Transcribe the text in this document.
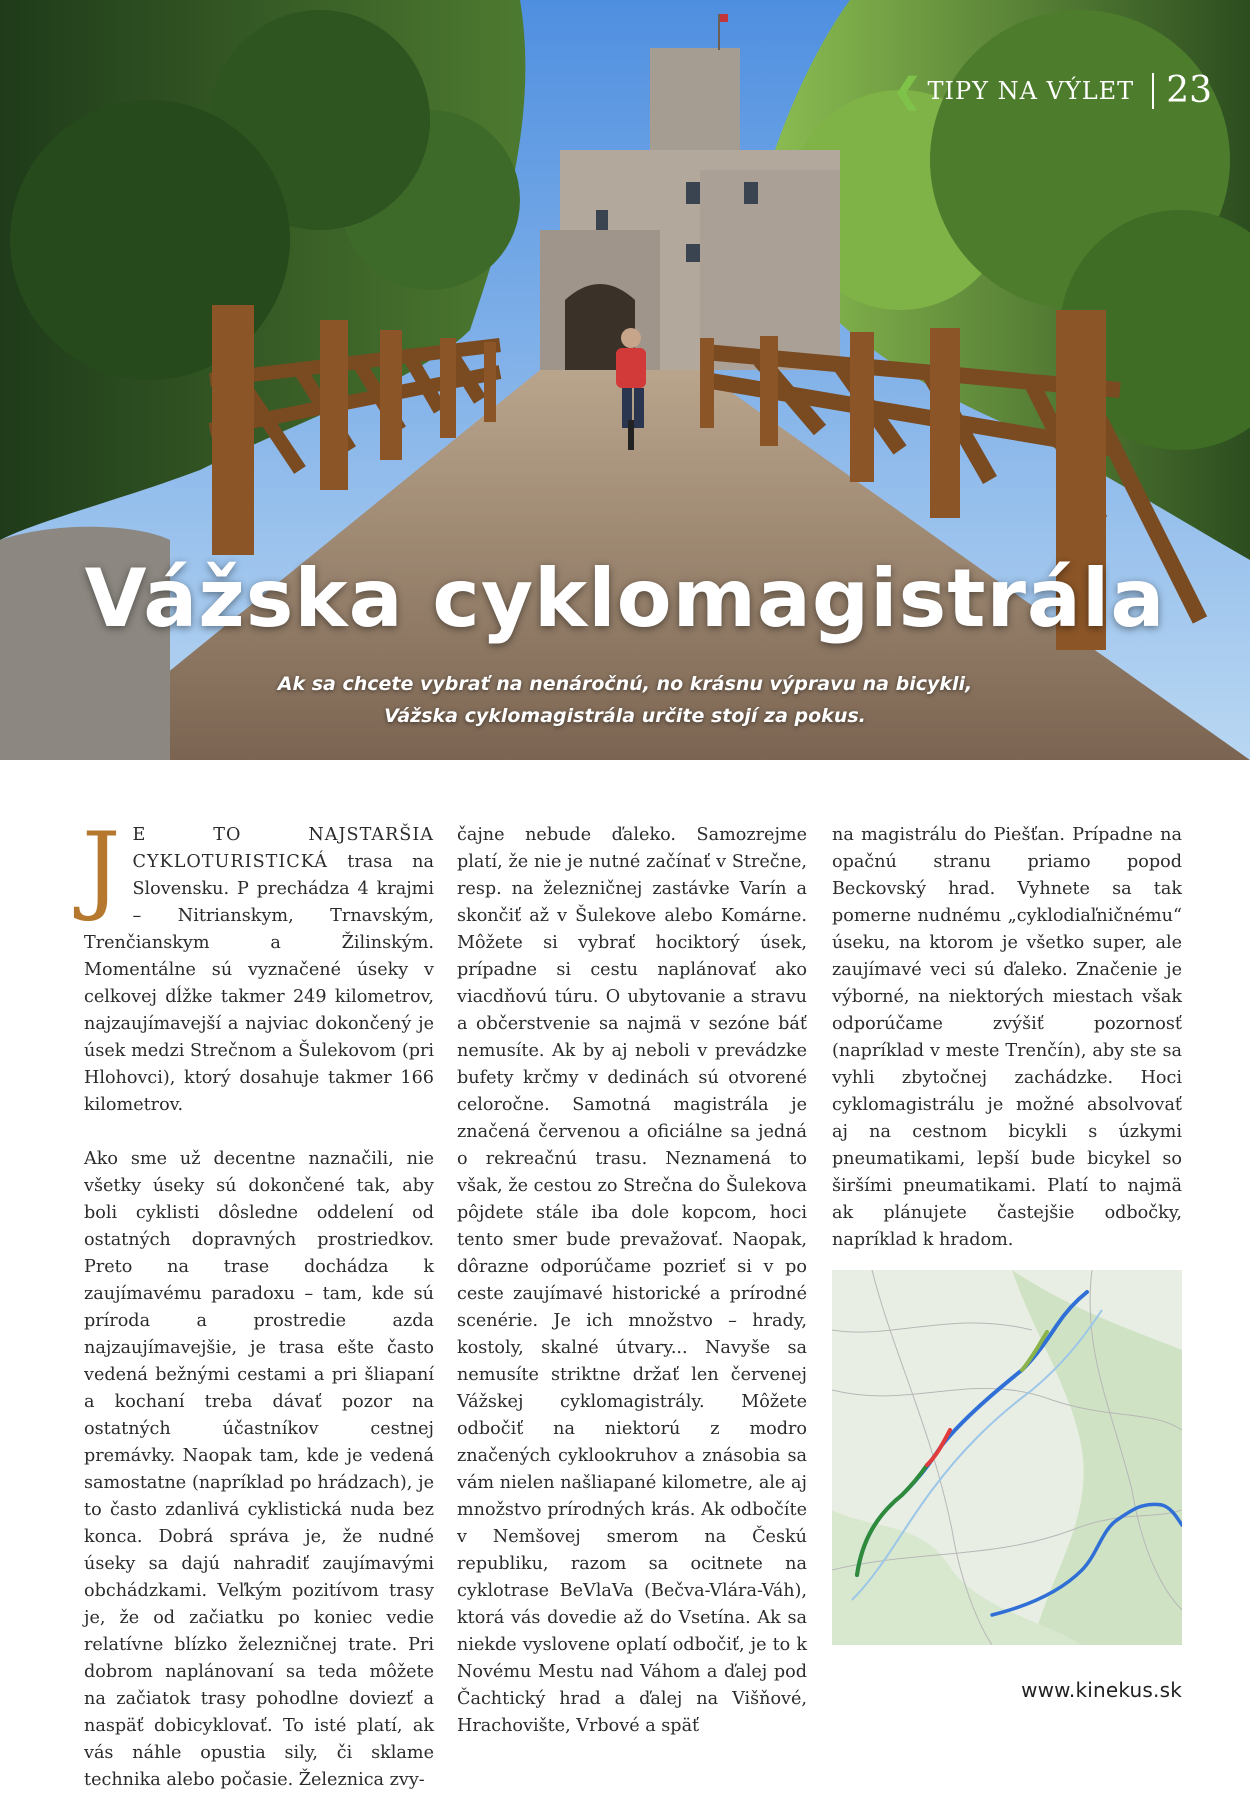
❮ TIPY NA VÝLET 23
Vážska cyklomagistrála
Ak sa chcete vybrať na nenáročnú, no krásnu výpravu na bicykli,
Vážska cyklomagistrála určite stojí za pokus.

JE TO NAJSTARŠIA CYKLOTURISTICKÁ trasa na Slovensku. P prechádza 4 krajmi – Nitrianskym, Trnavským, Trenčianskym a Žilinským. Momentálne sú vyznačené úseky v celkovej dĺžke takmer 249 kilometrov, najzaujímavejší a najviac dokončený je úsek medzi Strečnom a Šulekovom (pri Hlohovci), ktorý dosahuje takmer 166 kilometrov.

Ako sme už decentne naznačili, nie všetky úseky sú dokončené tak, aby boli cyklisti dôsledne oddelení od ostatných dopravných prostriedkov. Preto na trase dochádza k zaujímavému paradoxu – tam, kde sú príroda a prostredie azda najzaujímavejšie, je trasa ešte často vedená bežnými cestami a pri šliapaní a kochaní treba dávať pozor na ostatných účastníkov cestnej premávky. Naopak tam, kde je vedená samostatne (napríklad po hrádzach), je to často zdanlivá cyklistická nuda bez konca. Dobrá správa je, že nudné úseky sa dajú nahradiť zaujímavými obchádzkami. Veľkým pozitívom trasy je, že od začiatku po koniec vedie relatívne blízko železničnej trate. Pri dobrom naplánovaní sa teda môžete na začiatok trasy pohodlne doviezť a naspäť dobicyklovať. To isté platí, ak vás náhle opustia sily, či sklame technika alebo počasie. Železnica zvy-

čajne nebude ďaleko. Samozrejme platí, že nie je nutné začínať v Strečne, resp. na železničnej zastávke Varín a skončiť až v Šulekove alebo Komárne. Môžete si vybrať hociktorý úsek, prípadne si cestu naplánovať ako viacdňovú túru. O ubytovanie a stravu a občerstvenie sa najmä v sezóne báť nemusíte. Ak by aj neboli v prevádzke bufety krčmy v dedinách sú otvorené celoročne. Samotná magistrála je značená červenou a oficiálne sa jedná o rekreačnú trasu. Neznamená to však, že cestou zo Strečna do Šulekova pôjdete stále iba dole kopcom, hoci tento smer bude prevažovať. Naopak, dôrazne odporúčame pozrieť si v po ceste zaujímavé historické a prírodné scenérie. Je ich množstvo – hrady, kostoly, skalné útvary... Navyše sa nemusíte striktne držať len červenej Vážskej cyklomagistrály. Môžete odbočiť na niektorú z modro značených cyklookruhov a znásobia sa vám nielen našliapané kilometre, ale aj množstvo prírodných krás. Ak odbočíte v Nemšovej smerom na Českú republiku, razom sa ocitnete na cyklotrase BeVlaVa (Bečva-Vlára-Váh), ktorá vás dovedie až do Vsetína. Ak sa niekde vyslovene oplatí odbočiť, je to k Novému Mestu nad Váhom a ďalej pod Čachtický hrad a ďalej na Višňové, Hrachovište, Vrbové a späť

na magistrálu do Piešťan. Prípadne na opačnú stranu priamo popod Beckovský hrad. Vyhnete sa tak pomerne nudnému „cyklodiaľničnému“ úseku, na ktorom je všetko super, ale zaujímavé veci sú ďaleko. Značenie je výborné, na niektorých miestach však odporúčame zvýšiť pozornosť (napríklad v meste Trenčín), aby ste sa vyhli zbytočnej zachádzke. Hoci cyklomagistrálu je možné absolvovať aj na cestnom bicykli s úzkymi pneumatikami, lepší bude bicykel so širšími pneumatikami. Platí to najmä ak plánujete častejšie odbočky, napríklad k hradom.

www.kinekus.sk
